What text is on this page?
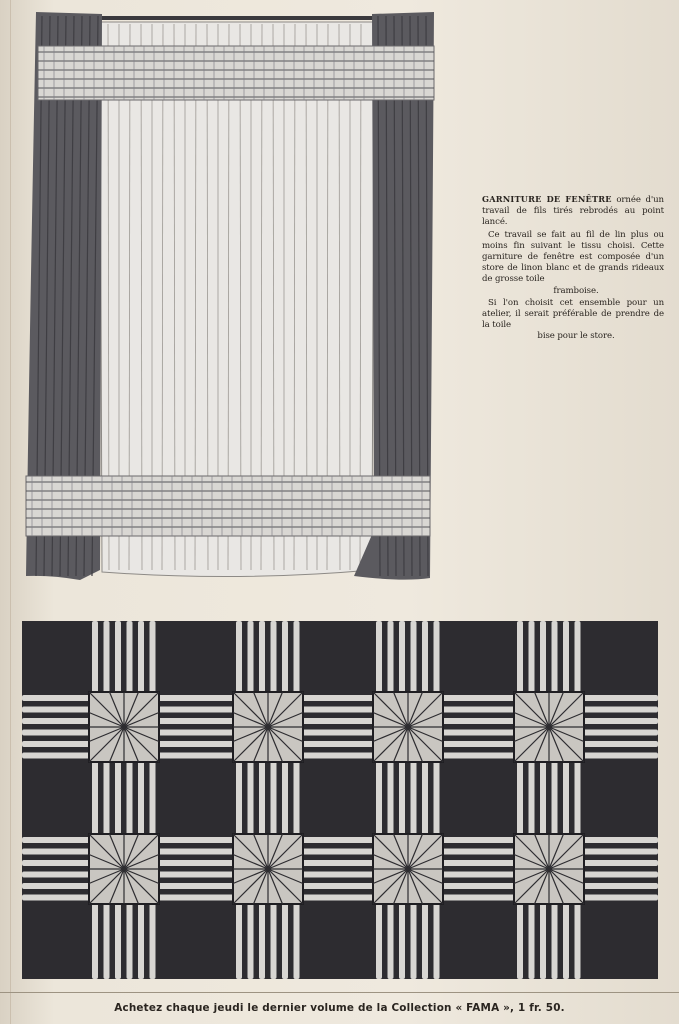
GARNITURE DE FENÊTRE ornée d'un travail de fils tirés rebrodés au point lancé.

Ce travail se fait au fil de lin plus ou moins fin suivant le tissu choisi. Cette garniture de fenêtre est composée d'un store de linon blanc et de grands rideaux de grosse toile
framboise.

Si l'on choisit cet ensemble pour un atelier, il serait préférable de prendre de la toile
bise pour le store.

Achetez chaque jeudi le dernier volume de la Collection « FAMA », 1 fr. 50.
